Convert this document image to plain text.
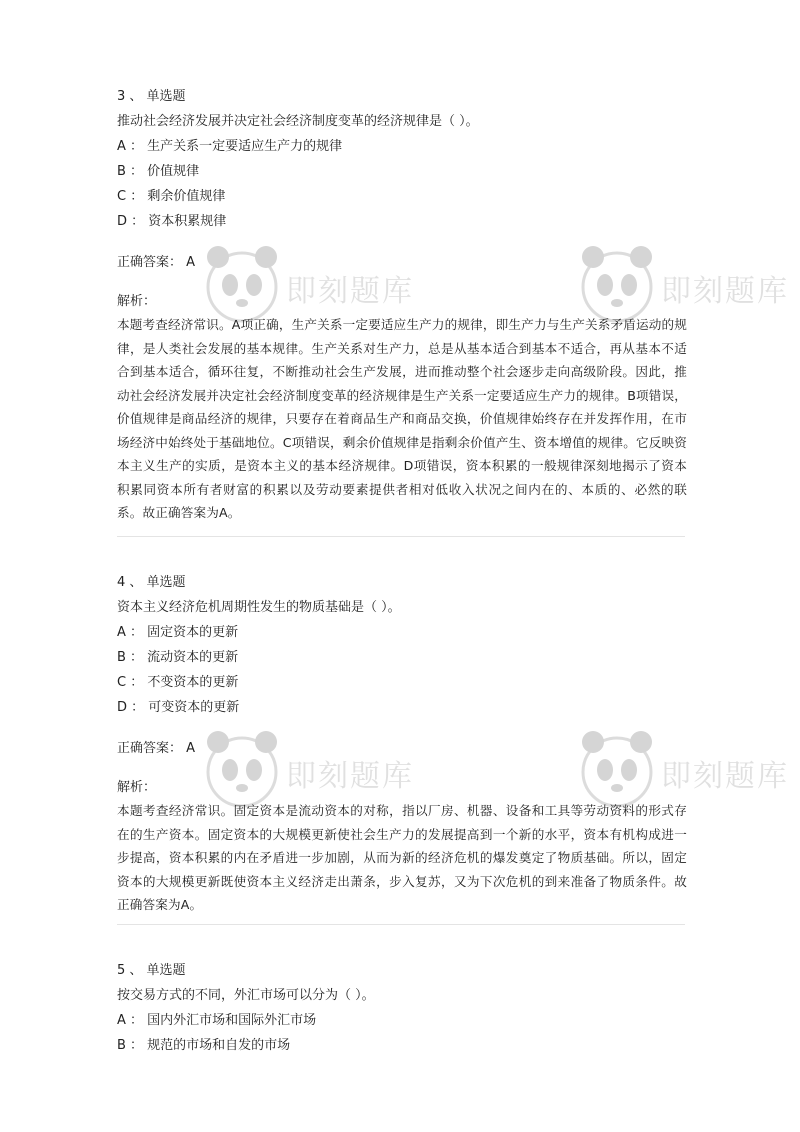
即刻题库	即刻题库
即刻题库	即刻题库
3 、 单选题
推动社会经济发展并决定社会经济制度变革的经济规律是（ ）。
A ： 生产关系一定要适应生产力的规律
B ： 价值规律
C ： 剩余价值规律
D ： 资本积累规律
正确答案： A
解析：
本题考查经济常识。A项正确，生产关系一定要适应生产力的规律，即生产力与生产关系矛盾运动的规律，是人类社会发展的基本规律。生产关系对生产力，总是从基本适合到基本不适合，再从基本不适合到基本适合，循环往复，不断推动社会生产发展，进而推动整个社会逐步走向高级阶段。因此，推动社会经济发展并决定社会经济制度变革的经济规律是生产关系一定要适应生产力的规律。B项错误，价值规律是商品经济的规律，只要存在着商品生产和商品交换，价值规律始终存在并发挥作用，在市场经济中始终处于基础地位。C项错误，剩余价值规律是指剩余价值产生、资本增值的规律。它反映资本主义生产的实质，是资本主义的基本经济规律。D项错误，资本积累的一般规律深刻地揭示了资本积累同资本所有者财富的积累以及劳动要素提供者相对低收入状况之间内在的、本质的、必然的联系。故正确答案为A。
4 、 单选题
资本主义经济危机周期性发生的物质基础是（ ）。
A ： 固定资本的更新
B ： 流动资本的更新
C ： 不变资本的更新
D ： 可变资本的更新
正确答案： A
解析：
本题考查经济常识。固定资本是流动资本的对称，指以厂房、机器、设备和工具等劳动资料的形式存在的生产资本。固定资本的大规模更新使社会生产力的发展提高到一个新的水平，资本有机构成进一步提高，资本积累的内在矛盾进一步加剧，从而为新的经济危机的爆发奠定了物质基础。所以，固定资本的大规模更新既使资本主义经济走出萧条，步入复苏，又为下次危机的到来准备了物质条件。故正确答案为A。
5 、 单选题
按交易方式的不同，外汇市场可以分为（ ）。
A ： 国内外汇市场和国际外汇市场
B ： 规范的市场和自发的市场
